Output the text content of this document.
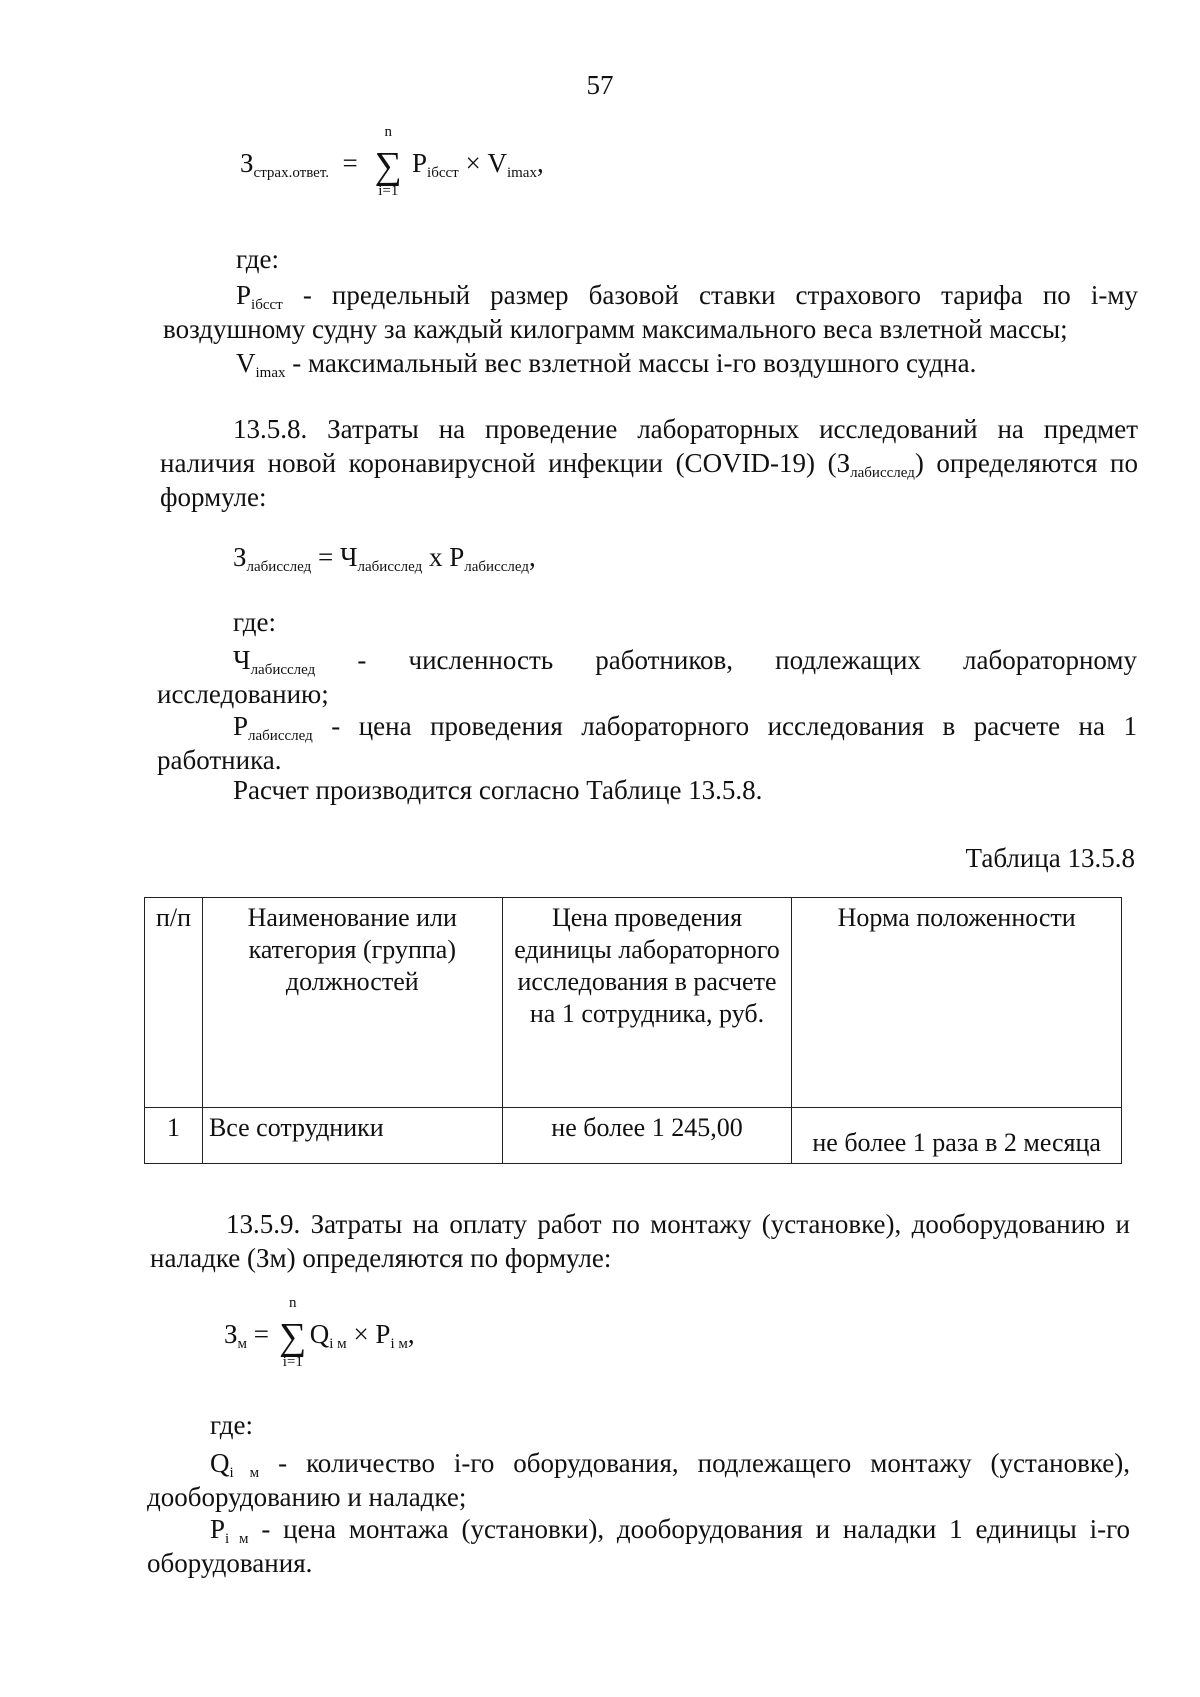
57
$З_{страх.ответ.}$  =
n
∑
i=1
$P_{iбсст} \times V_{imax}$,
где:
$P_{iбсст}$ - предельный размер базовой ставки страхового тарифа по i-му воздушному судну за каждый килограмм максимального веса взлетной массы;
$V_{imax}$ - максимальный вес взлетной массы i-го воздушного судна.
13.5.8. Затраты на проведение лабораторных исследований на предмет наличия новой коронавирусной инфекции (COVID-19) $(З_{лабисслед})$ определяются по формуле:
$З_{лабисслед} = Ч_{лабисслед}$ х $Р_{лабисслед}$,
где:
$Ч_{лабисслед}$ - численность работников, подлежащих лабораторному исследованию;
$Р_{лабисслед}$ - цена проведения лабораторного исследования в расчете на 1 работника.
Расчет производится согласно Таблице 13.5.8.
Таблица 13.5.8
п/п	Наименование или категория (группа) должностей	Цена проведения единицы лабораторного исследования в расчете на 1 сотрудника, руб.	Норма положенности
1	Все сотрудники	не более 1 245,00	не более 1 раза в 2 месяца
13.5.9. Затраты на оплату работ по монтажу (установке), дооборудованию и наладке (Зм) определяются по формуле:
$З_м$ =
n
∑
i=1
$Q_{i м} \times P_{i м}$,
где:
$Q_{i м}$ - количество i-го оборудования, подлежащего монтажу (установке), дооборудованию и наладке;
$P_{i м}$ - цена монтажа (установки), дооборудования и наладки 1 единицы i-го оборудования.
